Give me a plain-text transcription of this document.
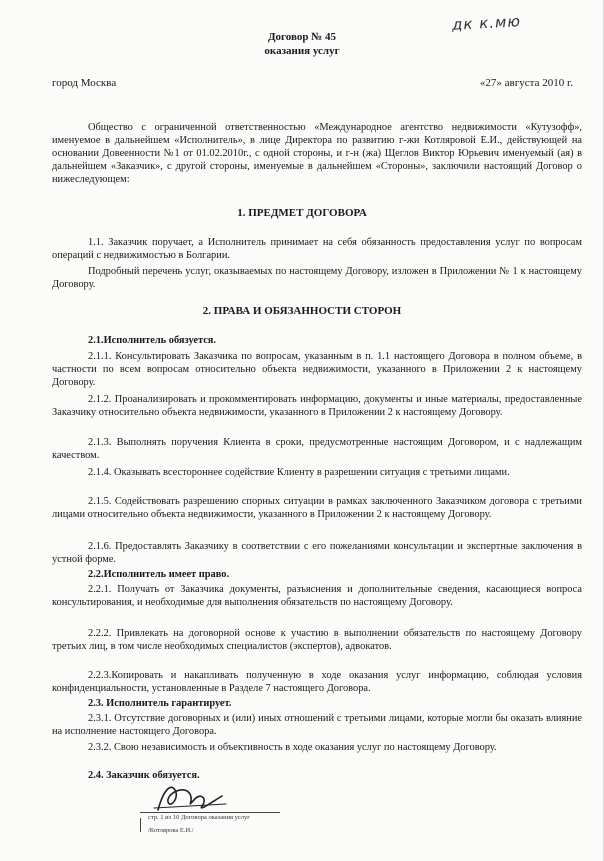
дк к.мю
Договор № 45
оказания услуг
город Москва	«27» августа 2010 г.
Общество с ограниченной ответственностью «Международное агентство недвижимости «Кутузофф», именуемое в дальнейшем «Исполнитель», в лице Директора по развитию г-жи Котляровой Е.И., действующей на основании Довеенности №1 от 01.02.2010г., с одной стороны, и г-н (жа) Щеглов Виктор Юрьевич именуемый (ая) в дальнейшем «Заказчик», с другой стороны, именуемые в дальнейшем «Стороны», заключили настоящий Договор о нижеследующем:
1. ПРЕДМЕТ ДОГОВОРА
1.1. Заказчик поручает, а Исполнитель принимает на себя обязанность предоставления услуг по вопросам операций с недвижимостью в Болгарии.
Подробный перечень услуг, оказываемых по настоящему Договору, изложен в Приложении № 1 к настоящему Договору.
2. ПРАВА И ОБЯЗАННОСТИ СТОРОН
2.1.Исполнитель обязуется.
2.1.1. Консультировать Заказчика по вопросам, указанным в п. 1.1 настоящего Договора в полном объеме, в частности по всем вопросам относительно объекта недвижимости, указанного в Приложении 2 к настоящему Договору.
2.1.2. Проанализировать и прокомментировать информацию, документы и иные материалы, предоставленные Заказчику относительно объекта недвижимости, указанного в Приложении 2 к настоящему Договору.
2.1.3. Выполнять поручения Клиента в сроки, предусмотренные настоящим Договором, и с надлежащим качеством.
2.1.4. Оказывать всестороннее содействие Клиенту в разрешении ситуация с третьими лицами.
2.1.5. Содействовать разрешению спорных ситуации в рамках заключенного Заказчиком договора с третьими лицами относительно объекта недвижимости, указанного в Приложении 2 к настоящему Договору.
2.1.6. Предоставлять Заказчику в соответствии с его пожеланиями консультации и экспертные заключения в устной форме.
2.2.Исполнитель имеет право.
2.2.1. Получать от Заказчика документы, разъяснения и дополнительные сведения, касающиеся вопроса консультирования, и необходимые для выполнения обязательств по настоящему Договору.
2.2.2. Привлекать на договорной основе к участию в выполнении обязательств по настоящему Договору третьих лиц, в том числе необходимых специалистов (экспертов), адвокатов.
2.2.3.Копировать и накапливать полученную в ходе оказания услуг информацию, соблюдая условия конфиденциальности, установленные в Разделе 7 настоящего Договора.
2.3. Исполнитель гарантирует.
2.3.1. Отсутствие договорных и (или) иных отношений с третьими лицами, которые могли бы оказать влияние на исполнение настоящего Договора.
2.3.2. Свою независимость и объективность в ходе оказания услуг по настоящему Договору.
2.4. Заказчик обязуется.
стр. 1 из 10 Договора оказания услуг
/Котлярова Е.И./
